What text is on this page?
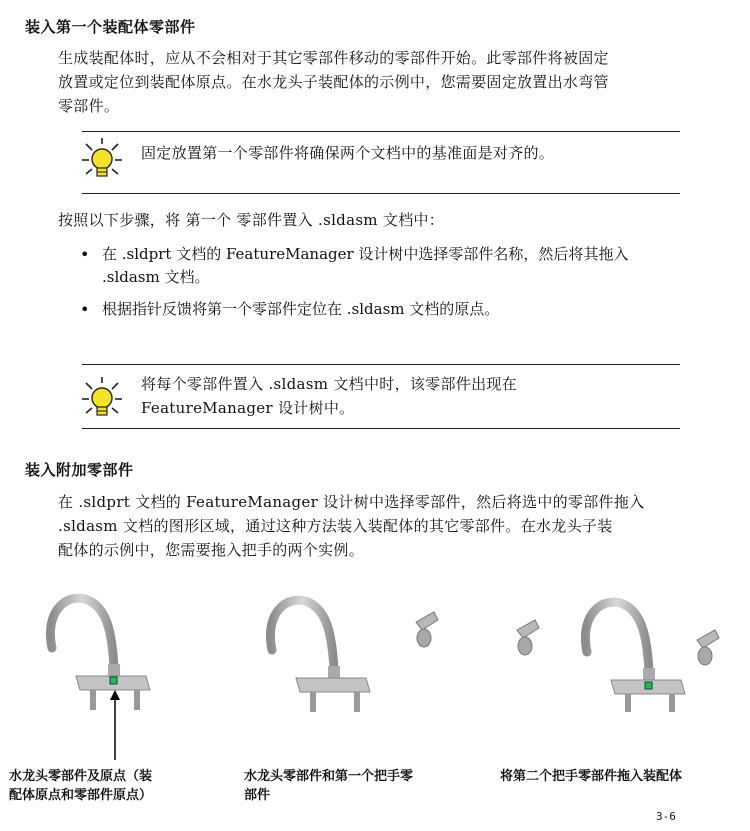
装入第一个装配体零部件
生成装配体时，应从不会相对于其它零部件移动的零部件开始。此零部件将被固定
放置或定位到装配体原点。在水龙头子装配体的示例中，您需要固定放置出水弯管
零部件。
固定放置第一个零部件将确保两个文档中的基准面是对齐的。
按照以下步骤，将 第一个 零部件置入 .sldasm 文档中：
• 在 .sldprt 文档的 FeatureManager 设计树中选择零部件名称，然后将其拖入
.sldasm 文档。
• 根据指针反馈将第一个零部件定位在 .sldasm 文档的原点。
将每个零部件置入 .sldasm 文档中时，该零部件出现在
FeatureManager 设计树中。
装入附加零部件
在 .sldprt 文档的 FeatureManager 设计树中选择零部件，然后将选中的零部件拖入
.sldasm 文档的图形区域，通过这种方法装入装配体的其它零部件。在水龙头子装
配体的示例中，您需要拖入把手的两个实例。
水龙头零部件及原点（装
配体原点和零部件原点）
水龙头零部件和第一个把手零
部件
将第二个把手零部件拖入装配体
3-6
